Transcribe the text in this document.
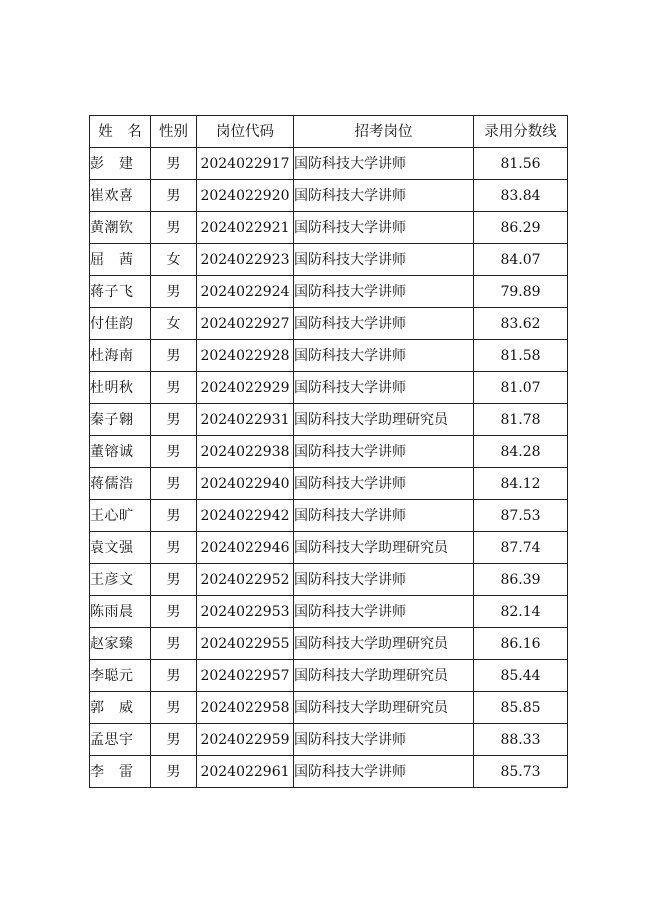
姓　名	性别	岗位代码	招考岗位	录用分数线
彭　建	男	2024022917	国防科技大学讲师	81.56
崔欢喜	男	2024022920	国防科技大学讲师	83.84
黄潮钦	男	2024022921	国防科技大学讲师	86.29
屈　茜	女	2024022923	国防科技大学讲师	84.07
蒋子飞	男	2024022924	国防科技大学讲师	79.89
付佳韵	女	2024022927	国防科技大学讲师	83.62
杜海南	男	2024022928	国防科技大学讲师	81.58
杜明秋	男	2024022929	国防科技大学讲师	81.07
秦子翱	男	2024022931	国防科技大学助理研究员	81.78
董镕诚	男	2024022938	国防科技大学讲师	84.28
蒋儒浩	男	2024022940	国防科技大学讲师	84.12
王心旷	男	2024022942	国防科技大学讲师	87.53
袁文强	男	2024022946	国防科技大学助理研究员	87.74
王彦文	男	2024022952	国防科技大学讲师	86.39
陈雨晨	男	2024022953	国防科技大学讲师	82.14
赵家臻	男	2024022955	国防科技大学助理研究员	86.16
李聪元	男	2024022957	国防科技大学助理研究员	85.44
郭　威	男	2024022958	国防科技大学助理研究员	85.85
孟思宇	男	2024022959	国防科技大学讲师	88.33
李　雷	男	2024022961	国防科技大学讲师	85.73
